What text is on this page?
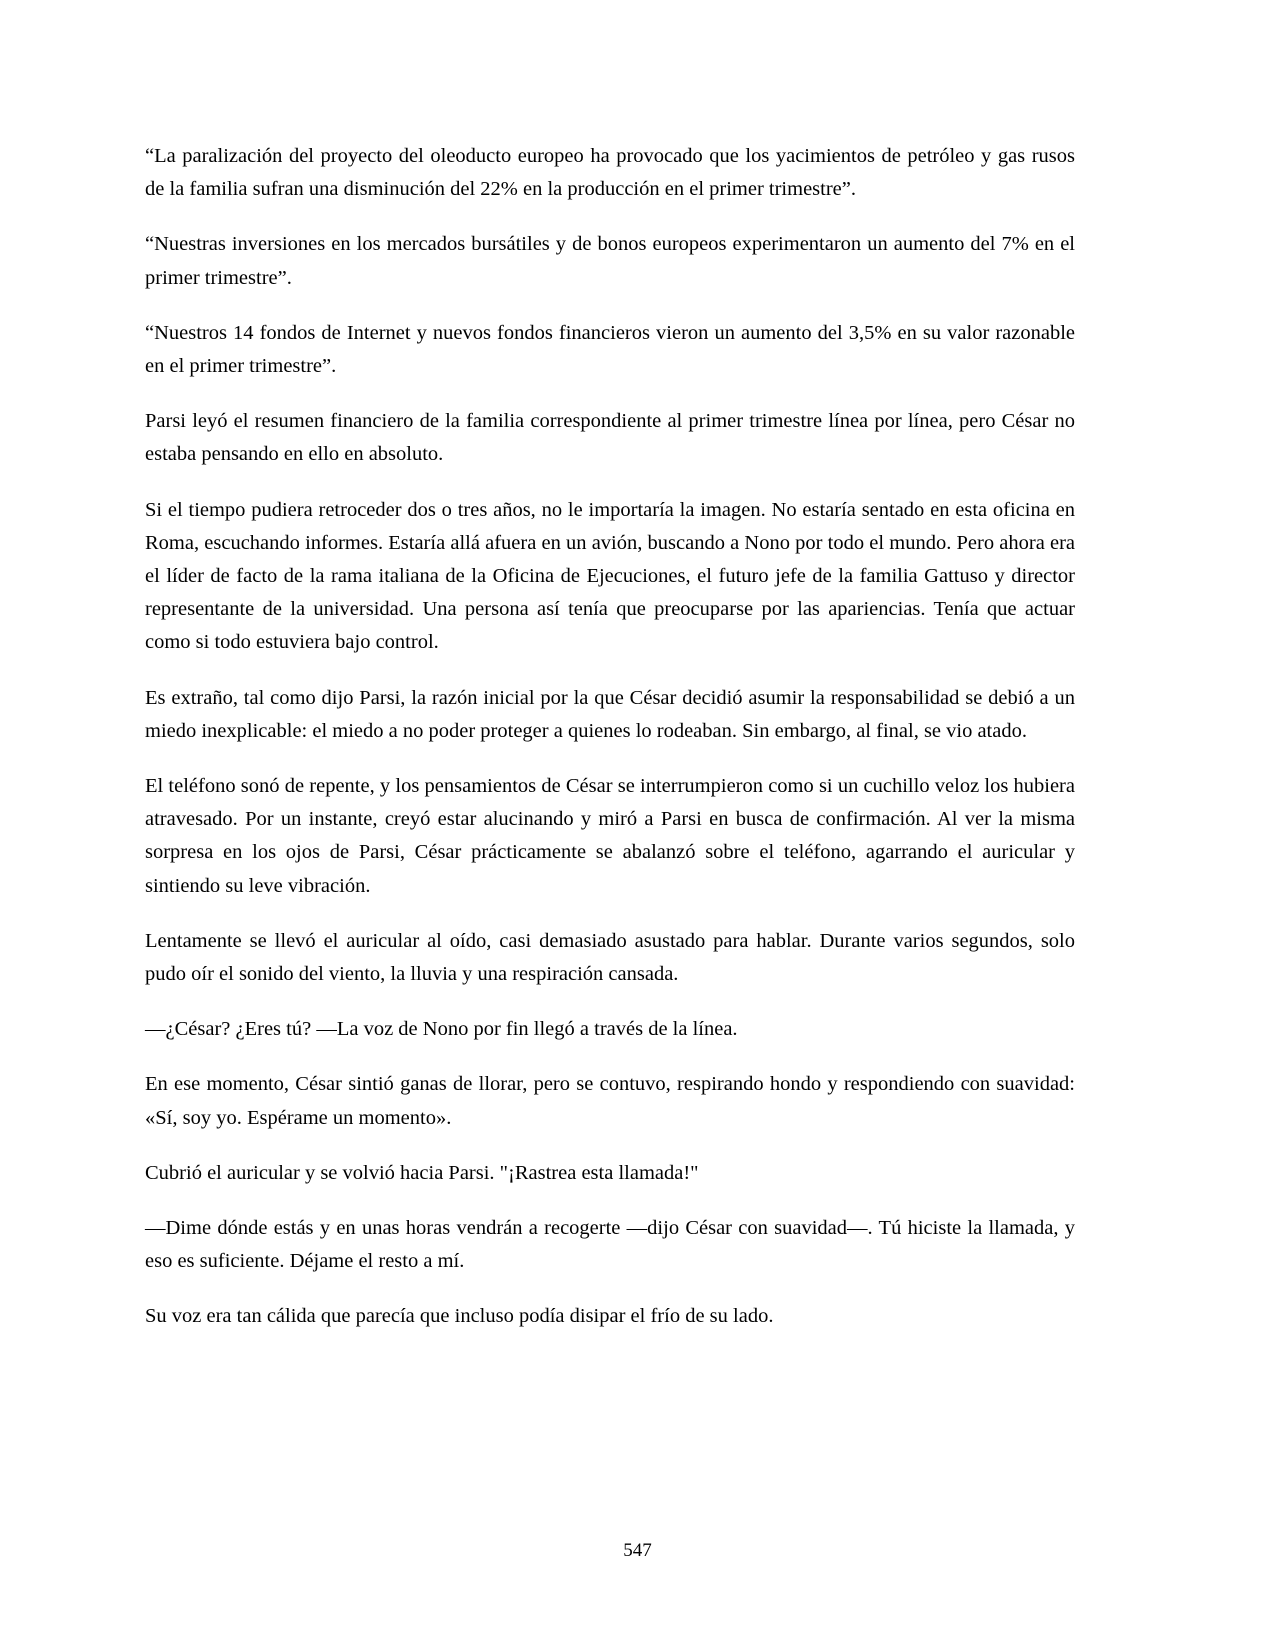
“La paralización del proyecto del oleoducto europeo ha provocado que los yacimientos de petróleo y gas rusos de la familia sufran una disminución del 22% en la producción en el primer trimestre”.

“Nuestras inversiones en los mercados bursátiles y de bonos europeos experimentaron un aumento del 7% en el primer trimestre”.

“Nuestros 14 fondos de Internet y nuevos fondos financieros vieron un aumento del 3,5% en su valor razonable en el primer trimestre”.

Parsi leyó el resumen financiero de la familia correspondiente al primer trimestre línea por línea, pero César no estaba pensando en ello en absoluto.

Si el tiempo pudiera retroceder dos o tres años, no le importaría la imagen. No estaría sentado en esta oficina en Roma, escuchando informes. Estaría allá afuera en un avión, buscando a Nono por todo el mundo. Pero ahora era el líder de facto de la rama italiana de la Oficina de Ejecuciones, el futuro jefe de la familia Gattuso y director representante de la universidad. Una persona así tenía que preocuparse por las apariencias. Tenía que actuar como si todo estuviera bajo control.

Es extraño, tal como dijo Parsi, la razón inicial por la que César decidió asumir la responsabilidad se debió a un miedo inexplicable: el miedo a no poder proteger a quienes lo rodeaban. Sin embargo, al final, se vio atado.

El teléfono sonó de repente, y los pensamientos de César se interrumpieron como si un cuchillo veloz los hubiera atravesado. Por un instante, creyó estar alucinando y miró a Parsi en busca de confirmación. Al ver la misma sorpresa en los ojos de Parsi, César prácticamente se abalanzó sobre el teléfono, agarrando el auricular y sintiendo su leve vibración.

Lentamente se llevó el auricular al oído, casi demasiado asustado para hablar. Durante varios segundos, solo pudo oír el sonido del viento, la lluvia y una respiración cansada.

—¿César? ¿Eres tú? —La voz de Nono por fin llegó a través de la línea.

En ese momento, César sintió ganas de llorar, pero se contuvo, respirando hondo y respondiendo con suavidad: «Sí, soy yo. Espérame un momento».

Cubrió el auricular y se volvió hacia Parsi. "¡Rastrea esta llamada!"

—Dime dónde estás y en unas horas vendrán a recogerte —dijo César con suavidad—. Tú hiciste la llamada, y eso es suficiente. Déjame el resto a mí.

Su voz era tan cálida que parecía que incluso podía disipar el frío de su lado.

547
